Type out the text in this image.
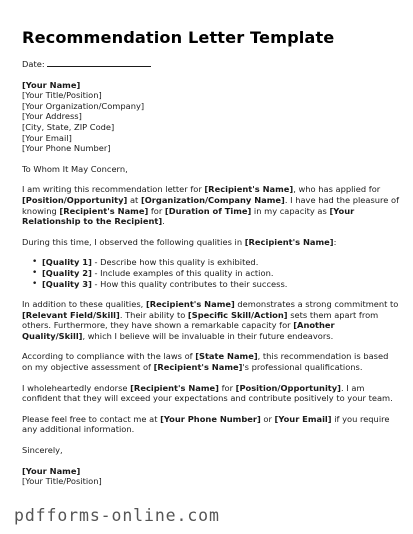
Recommendation Letter Template
Date:
[Your Name]
[Your Title/Position]
[Your Organization/Company]
[Your Address]
[City, State, ZIP Code]
[Your Email]
[Your Phone Number]
To Whom It May Concern,
I am writing this recommendation letter for [Recipient's Name], who has applied for
[Position/Opportunity] at [Organization/Company Name]. I have had the pleasure of
knowing [Recipient's Name] for [Duration of Time] in my capacity as [Your
Relationship to the Recipient].
During this time, I observed the following qualities in [Recipient's Name]:
• [Quality 1] - Describe how this quality is exhibited.
• [Quality 2] - Include examples of this quality in action.
• [Quality 3] - How this quality contributes to their success.
In addition to these qualities, [Recipient's Name] demonstrates a strong commitment to
[Relevant Field/Skill]. Their ability to [Specific Skill/Action] sets them apart from
others. Furthermore, they have shown a remarkable capacity for [Another
Quality/Skill], which I believe will be invaluable in their future endeavors.
According to compliance with the laws of [State Name], this recommendation is based
on my objective assessment of [Recipient's Name]'s professional qualifications.
I wholeheartedly endorse [Recipient's Name] for [Position/Opportunity]. I am
confident that they will exceed your expectations and contribute positively to your team.
Please feel free to contact me at [Your Phone Number] or [Your Email] if you require
any additional information.
Sincerely,
[Your Name]
[Your Title/Position]
pdfforms-online.com
